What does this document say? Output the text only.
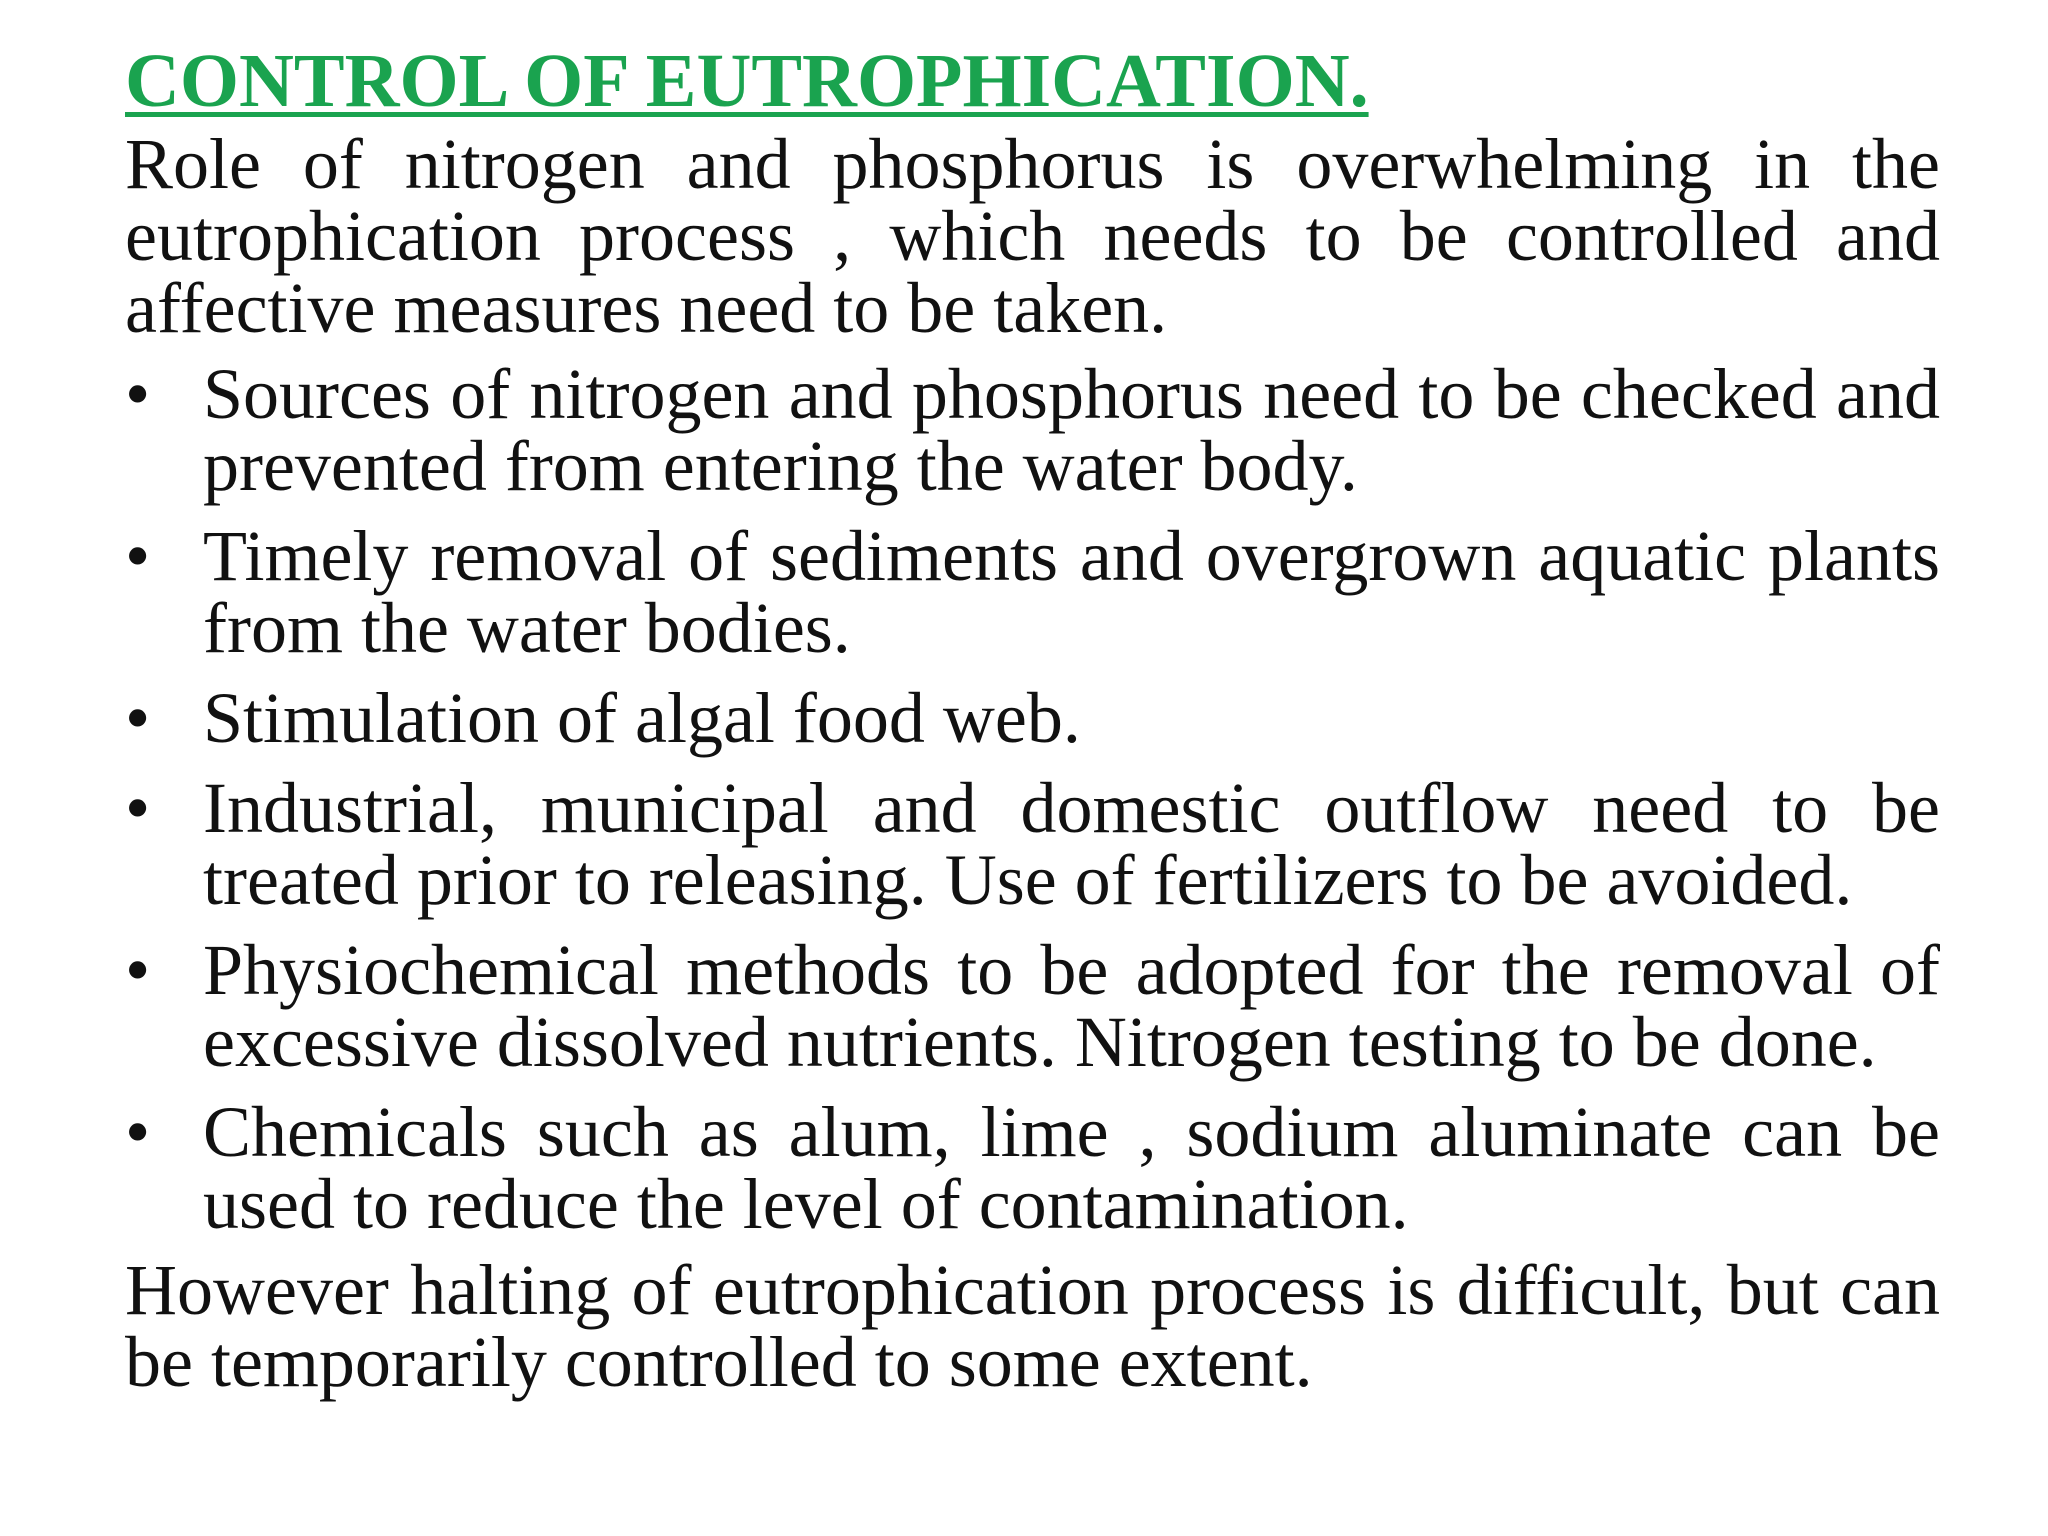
CONTROL OF EUTROPHICATION.

Role of nitrogen and phosphorus is overwhelming in the eutrophication process , which needs to be controlled and affective measures need to be taken.

• Sources of nitrogen and phosphorus need to be checked and prevented from entering the water body.
• Timely removal of sediments and overgrown aquatic plants from the water bodies.
• Stimulation of algal food web.
• Industrial, municipal and domestic outflow need to be treated prior to releasing. Use of fertilizers to be avoided.
• Physiochemical methods to be adopted for the removal of excessive dissolved nutrients. Nitrogen testing to be done.
• Chemicals such as alum, lime , sodium aluminate can be used to reduce the level of contamination.

However halting of eutrophication process is difficult, but can be temporarily controlled to some extent.
